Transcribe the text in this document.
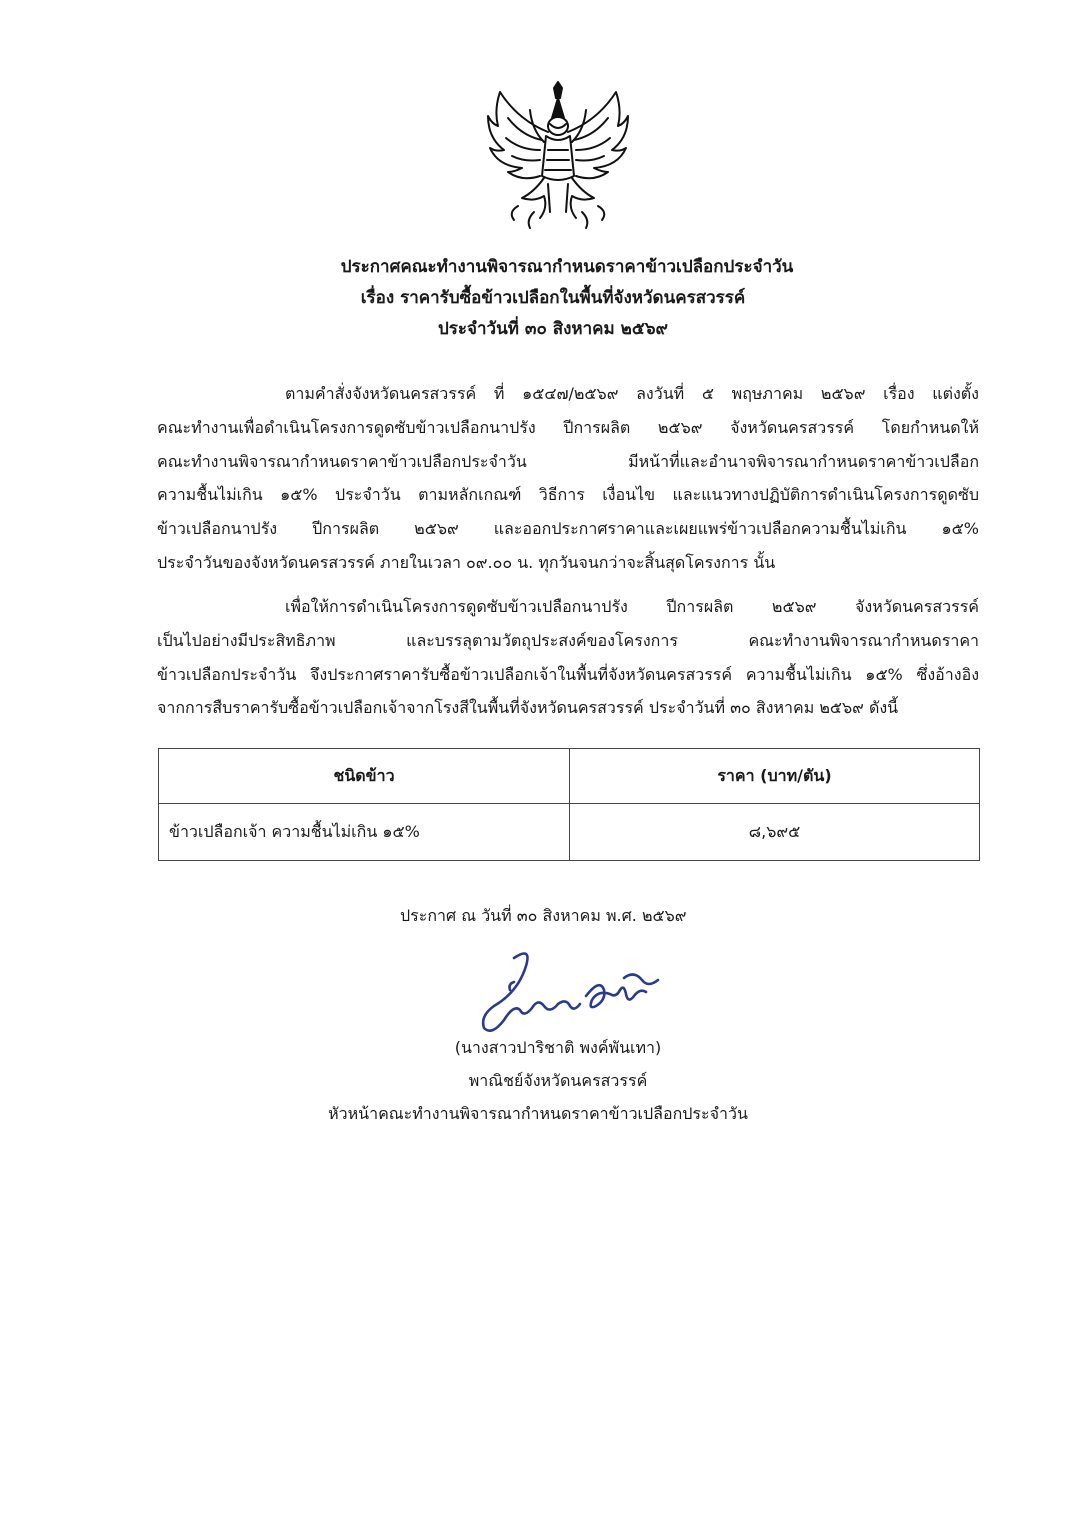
ประกาศคณะทำงานพิจารณากำหนดราคาข้าวเปลือกประจำวัน
เรื่อง ราคารับซื้อข้าวเปลือกในพื้นที่จังหวัดนครสวรรค์
ประจำวันที่ ๓๐ สิงหาคม ๒๕๖๙
ตามคำสั่งจังหวัดนครสวรรค์ ที่ ๑๕๔๗/๒๕๖๙ ลงวันที่ ๕ พฤษภาคม ๒๕๖๙ เรื่อง แต่งตั้ง
คณะทำงานเพื่อดำเนินโครงการดูดซับข้าวเปลือกนาปรัง ปีการผลิต ๒๕๖๙ จังหวัดนครสวรรค์ โดยกำหนดให้
คณะทำงานพิจารณากำหนดราคาข้าวเปลือกประจำวัน มีหน้าที่และอำนาจพิจารณากำหนดราคาข้าวเปลือก
ความชื้นไม่เกิน ๑๕% ประจำวัน ตามหลักเกณฑ์ วิธีการ เงื่อนไข และแนวทางปฏิบัติการดำเนินโครงการดูดซับ
ข้าวเปลือกนาปรัง ปีการผลิต ๒๕๖๙ และออกประกาศราคาและเผยแพร่ข้าวเปลือกความชื้นไม่เกิน ๑๕%
ประจำวันของจังหวัดนครสวรรค์ ภายในเวลา ๐๙.๐๐ น. ทุกวันจนกว่าจะสิ้นสุดโครงการ นั้น
เพื่อให้การดำเนินโครงการดูดซับข้าวเปลือกนาปรัง ปีการผลิต ๒๕๖๙ จังหวัดนครสวรรค์
เป็นไปอย่างมีประสิทธิภาพ และบรรลุตามวัตถุประสงค์ของโครงการ คณะทำงานพิจารณากำหนดราคา
ข้าวเปลือกประจำวัน จึงประกาศราคารับซื้อข้าวเปลือกเจ้าในพื้นที่จังหวัดนครสวรรค์ ความชื้นไม่เกิน ๑๕% ซึ่งอ้างอิง
จากการสืบราคารับซื้อข้าวเปลือกเจ้าจากโรงสีในพื้นที่จังหวัดนครสวรรค์ ประจำวันที่ ๓๐ สิงหาคม ๒๕๖๙ ดังนี้
ชนิดข้าว	ราคา (บาท/ตัน)
ข้าวเปลือกเจ้า ความชื้นไม่เกิน ๑๕%	๘,๖๙๕
ประกาศ ณ วันที่ ๓๐ สิงหาคม พ.ศ. ๒๕๖๙
(นางสาวปาริชาติ พงค์พันเทา)
พาณิชย์จังหวัดนครสวรรค์
หัวหน้าคณะทำงานพิจารณากำหนดราคาข้าวเปลือกประจำวัน
